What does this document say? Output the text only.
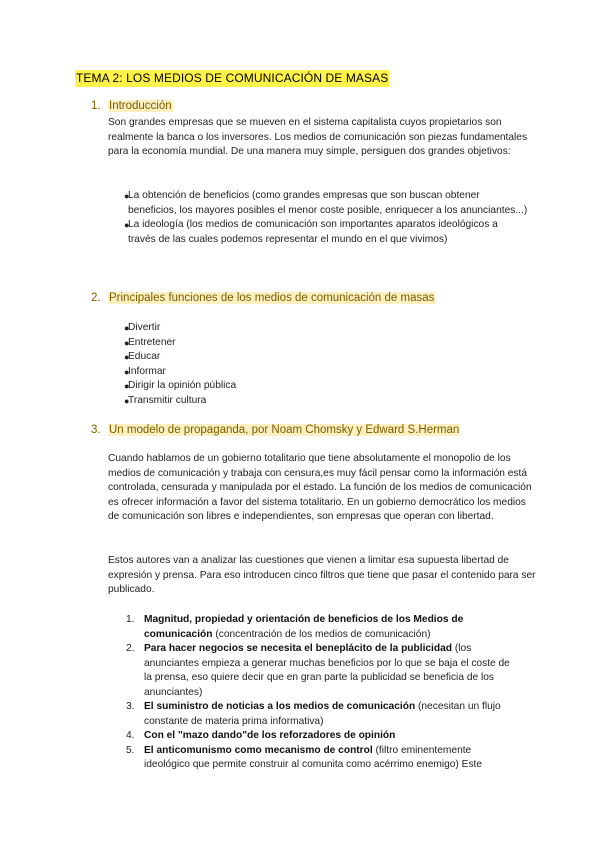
TEMA 2: LOS MEDIOS DE COMUNICACIÓN DE MASAS
1. Introducción

Son grandes empresas que se mueven en el sistema capitalista cuyos propietarios son realmente la banca o los inversores. Los medios de comunicación son piezas fundamentales para la economía mundial. De una manera muy simple, persiguen dos grandes objetivos:

●
La obtención de beneficios (como grandes empresas que son buscan obtener beneficios, los mayores posibles el menor coste posible, enriquecer a los anunciantes...)
●
La ideología (los medios de comunicación son importantes aparatos ideológicos a través de las cuales podemos representar el mundo en el que vivimos)
2. Principales funciones de los medios de comunicación de masas
●
Divertir
●
Entretener
●
Educar
●
Informar
●
Dirigir la opinión pública
●
Transmitir cultura
3. Un modelo de propaganda, por Noam Chomsky y Edward S.Herman

Cuando hablamos de un gobierno totalitario que tiene absolutamente el monopolio de los medios de comunicación y trabaja con censura,es muy fácil pensar como la información está controlada, censurada y manipulada por el estado. La función de los medios de comunicación es ofrecer información a favor del sistema totalitario. En un gobierno democrático los medios de comunicación son libres e independientes, son empresas que operan con libertad.

Estos autores van a analizar las cuestiones que vienen a limitar esa supuesta libertad de expresión y prensa. Para eso introducen cinco filtros que tiene que pasar el contenido para ser publicado.

1. Magnitud, propiedad y orientación de beneficios de los Medios de comunicación (concentración de los medios de comunicación)
2. Para hacer negocios se necesita el beneplácito de la publicidad (los anunciantes empieza a generar muchas beneficios por lo que se baja el coste de la prensa, eso quiere decir que en gran parte la publicidad se beneficia de los anunciantes)
3. El suministro de noticias a los medios de comunicación (necesitan un flujo constante de materia prima informativa)
4. Con el "mazo dando"de los reforzadores de opinión
5. El anticomunismo como mecanismo de control (filtro eminentemente ideológico que permite construir al comunita como acérrimo enemigo) Este
